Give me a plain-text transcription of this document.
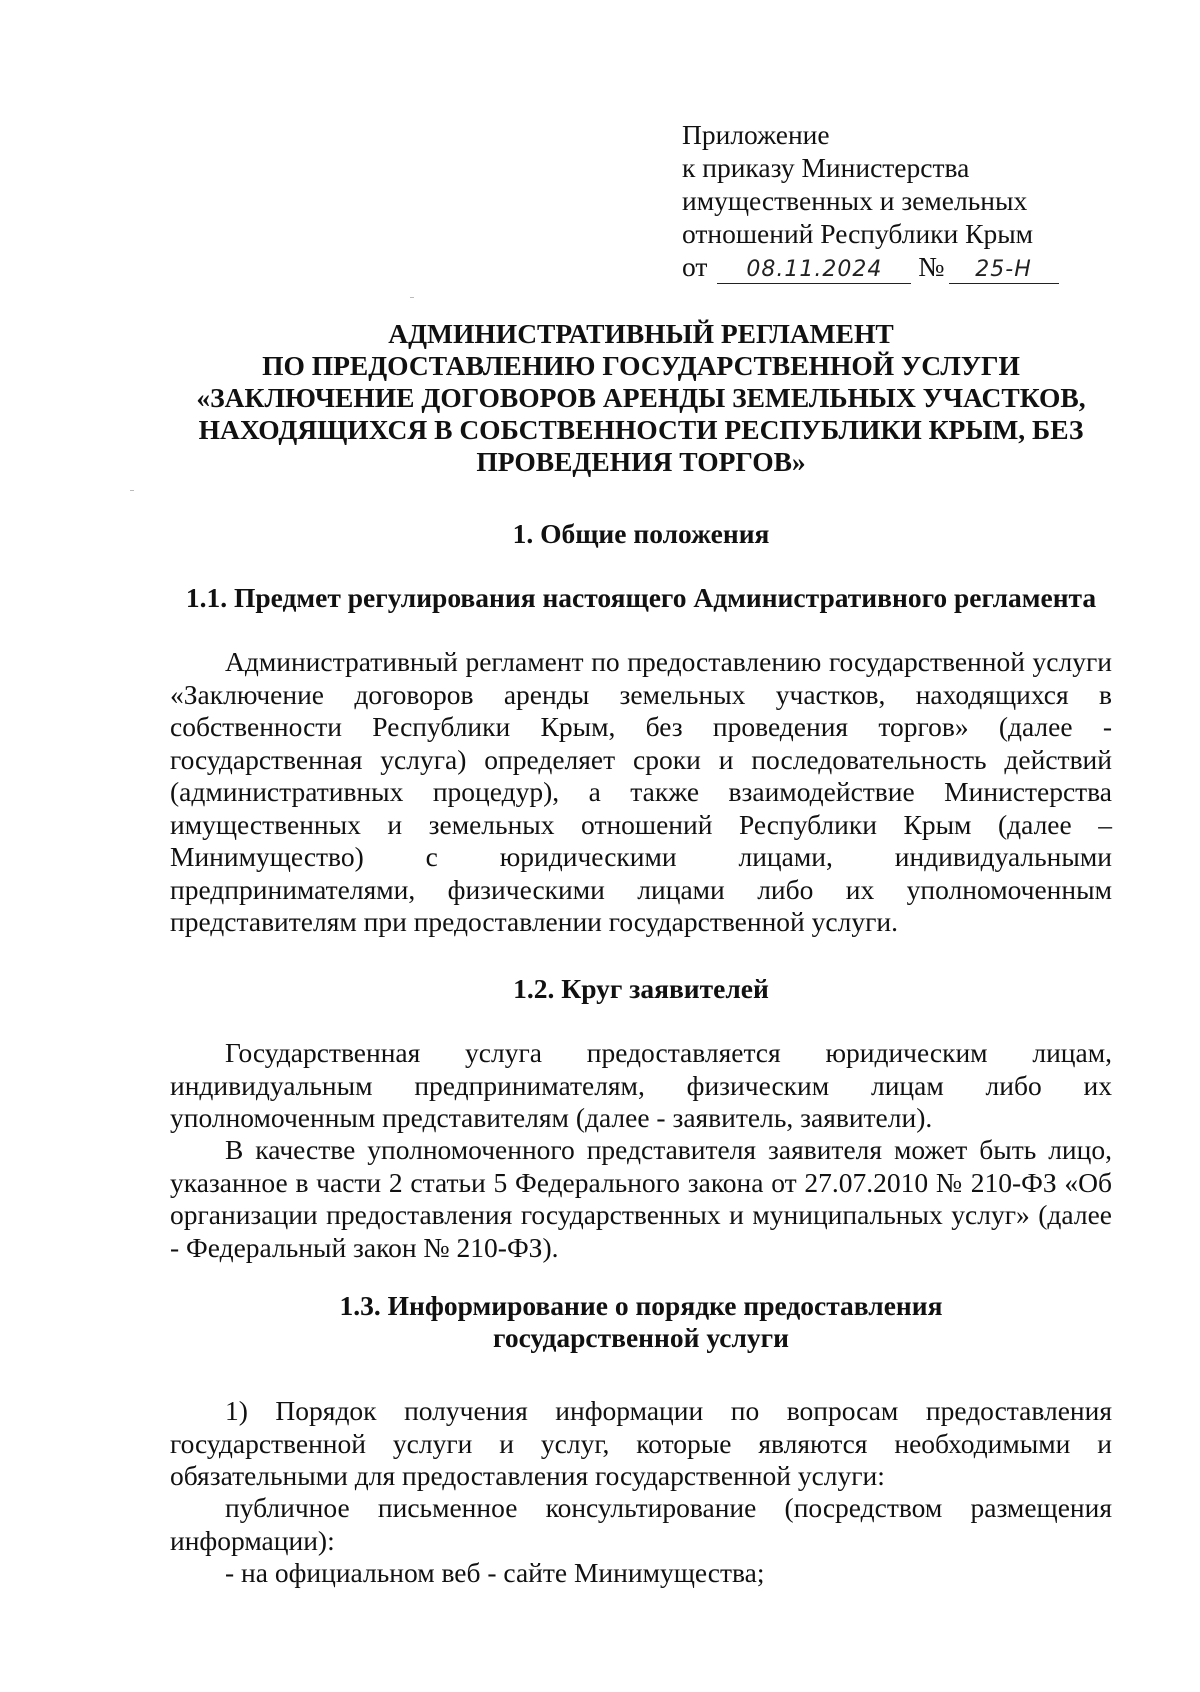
Приложение
к приказу Министерства
имущественных и земельных
отношений Республики Крым
от 08.11.2024 № 25-Н
АДМИНИСТРАТИВНЫЙ РЕГЛАМЕНТ
ПО ПРЕДОСТАВЛЕНИЮ ГОСУДАРСТВЕННОЙ УСЛУГИ
«ЗАКЛЮЧЕНИЕ ДОГОВОРОВ АРЕНДЫ ЗЕМЕЛЬНЫХ УЧАСТКОВ,
НАХОДЯЩИХСЯ В СОБСТВЕННОСТИ РЕСПУБЛИКИ КРЫМ, БЕЗ
ПРОВЕДЕНИЯ ТОРГОВ»
1. Общие положения
1.1. Предмет регулирования настоящего Административного регламента
Административный регламент по предоставлению государственной услуги «Заключение договоров аренды земельных участков, находящихся в собственности Республики Крым, без проведения торгов» (далее - государственная услуга) определяет сроки и последовательность действий (административных процедур), а также взаимодействие Министерства имущественных и земельных отношений Республики Крым (далее – Минимущество) с юридическими лицами, индивидуальными предпринимателями, физическими лицами либо их уполномоченным представителям при предоставлении государственной услуги.
1.2. Круг заявителей
Государственная услуга предоставляется юридическим лицам, индивидуальным предпринимателям, физическим лицам либо их уполномоченным представителям (далее - заявитель, заявители).
В качестве уполномоченного представителя заявителя может быть лицо, указанное в части 2 статьи 5 Федерального закона от 27.07.2010 № 210-ФЗ «Об организации предоставления государственных и муниципальных услуг» (далее - Федеральный закон № 210-ФЗ).
1.3. Информирование о порядке предоставления
государственной услуги
1) Порядок получения информации по вопросам предоставления государственной услуги и услуг, которые являются необходимыми и обязательными для предоставления государственной услуги:
публичное письменное консультирование (посредством размещения информации):
- на официальном веб - сайте Минимущества;
